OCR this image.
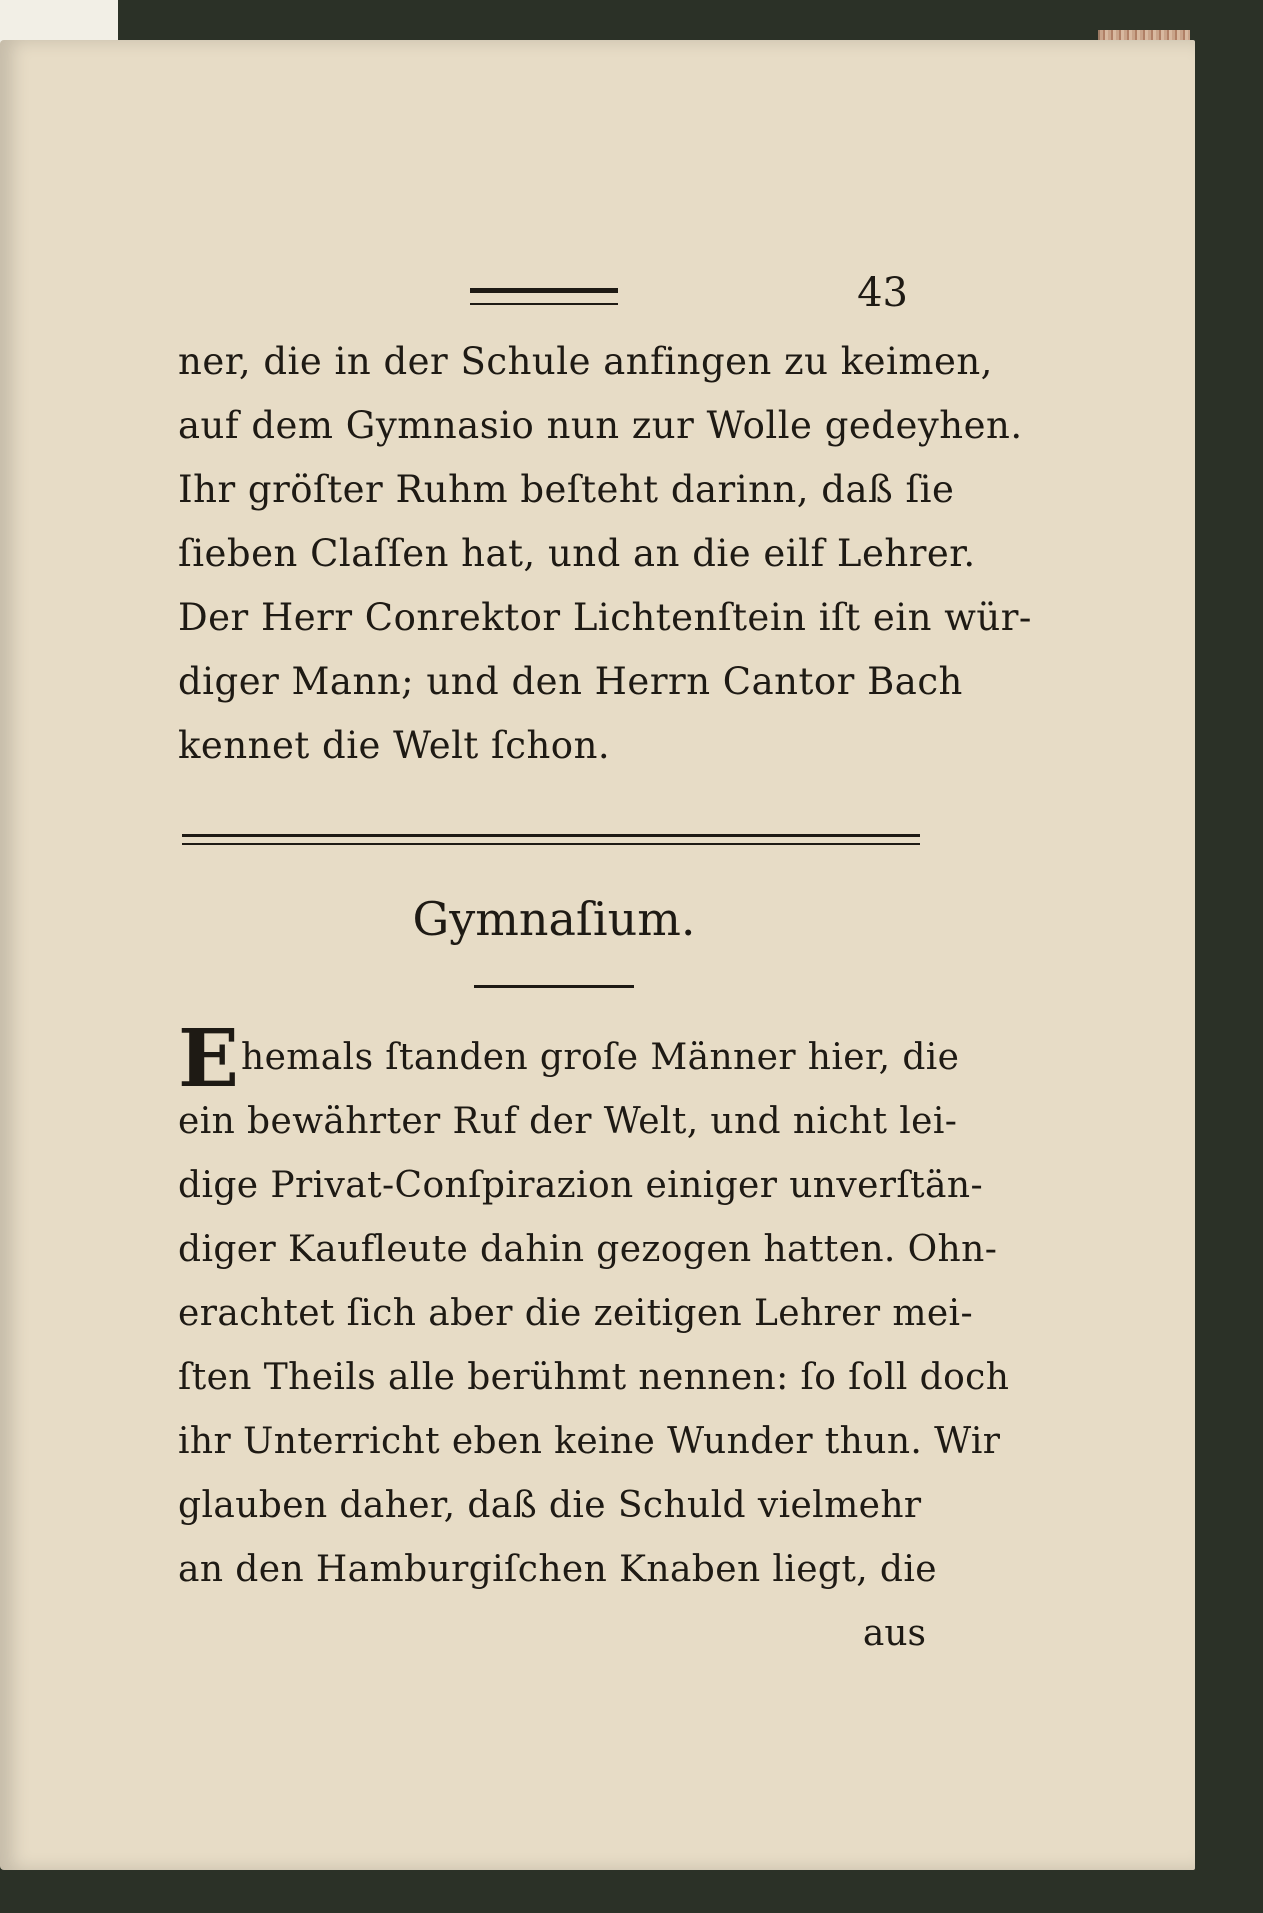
43

ner, die in der Schule anfingen zu keimen,

auf dem Gymnasio nun zur Wolle gedeyhen.

Ihr gröſter Ruhm beſteht darinn, daß ſie

ſieben Claſſen hat, und an die eilf Lehrer.

Der Herr Conrektor Lichtenſtein iſt ein wür-

diger Mann; und den Herrn Cantor Bach

kennet die Welt ſchon.

Gymnaſium.
E hemals ſtanden groſe Männer hier, die

ein bewährter Ruf der Welt, und nicht lei-

dige Privat-Conſpirazion einiger unverſtän-

diger Kaufleute dahin gezogen hatten. Ohn-

erachtet ſich aber die zeitigen Lehrer mei-

ſten Theils alle berühmt nennen: ſo ſoll doch

ihr Unterricht eben keine Wunder thun. Wir

glauben daher, daß die Schuld vielmehr

an den Hamburgiſchen Knaben liegt, die

aus
